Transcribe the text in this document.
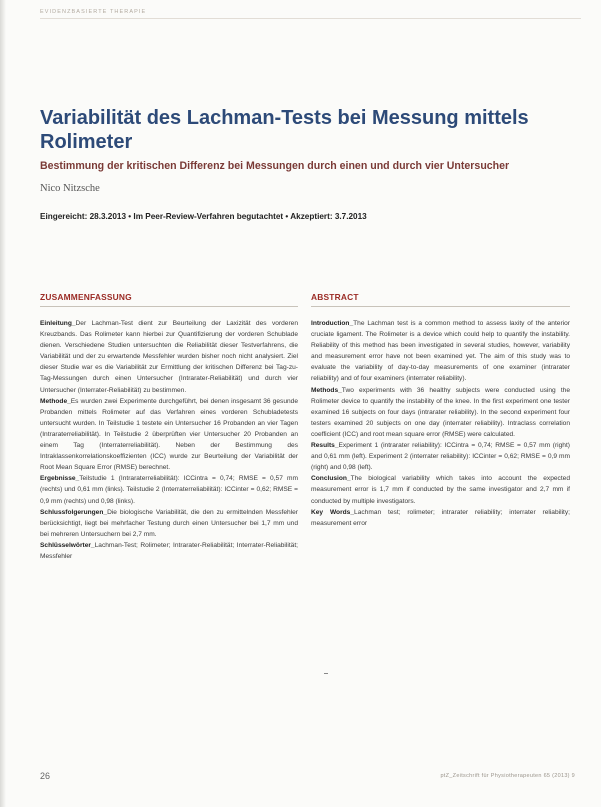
EVIDENZBASIERTE THERAPIE
Variabilität des Lachman-Tests bei Messung mittels Rolimeter
Bestimmung der kritischen Differenz bei Messungen durch einen und durch vier Untersucher
Nico Nitzsche
Eingereicht: 28.3.2013 • Im Peer-Review-Verfahren begutachtet • Akzeptiert: 3.7.2013
ZUSAMMENFASSUNG	ABSTRACT

Einleitung_Der Lachman-Test dient zur Beurteilung der Laxizität des vorderen Kreuzbands. Das Rolimeter kann hierbei zur Quantifizierung der vorderen Schublade dienen. Verschiedene Studien untersuchten die Reliabilität dieser Testverfahrens, die Variabilität und der zu erwartende Messfehler wurden bisher noch nicht analysiert. Ziel dieser Studie war es die Variabilität zur Ermittlung der kritischen Differenz bei Tag-zu-Tag-Messungen durch einen Untersucher (Intrarater-Reliabilität) und durch vier Untersucher (Interrater-Reliabilität) zu bestimmen.

Methode_Es wurden zwei Experimente durchgeführt, bei denen insgesamt 36 gesunde Probanden mittels Rolimeter auf das Verfahren eines vorderen Schubladetests untersucht wurden. In Teilstudie 1 testete ein Untersucher 16 Probanden an vier Tagen (Intraraterreliabilität). In Teilstudie 2 überprüften vier Untersucher 20 Probanden an einem Tag (Interraterreliabilität). Neben der Bestimmung des Intraklassenkorrelationskoeffizienten (ICC) wurde zur Beurteilung der Variabilität der Root Mean Square Error (RMSE) berechnet.

Ergebnisse_Teilstudie 1 (Intraraterreliabilität): ICCintra = 0,74; RMSE = 0,57 mm (rechts) und 0,61 mm (links). Teilstudie 2 (Interraterreliabilität): ICCinter = 0,62; RMSE = 0,9 mm (rechts) und 0,98 (links).

Schlussfolgerungen_Die biologische Variabilität, die den zu ermittelnden Messfehler berücksichtigt, liegt bei mehrfacher Testung durch einen Untersucher bei 1,7 mm und bei mehreren Untersuchern bei 2,7 mm.

Schlüsselwörter_Lachman-Test; Rolimeter; Intrarater-Reliabilität; Interrater-Reliabilität; Messfehler

Introduction_The Lachman test is a common method to assess laxity of the anterior cruciate ligament. The Rolimeter is a device which could help to quantify the instability. Reliability of this method has been investigated in several studies, however, variability and measurement error have not been examined yet. The aim of this study was to evaluate the variability of day-to-day measurements of one examiner (intrarater reliability) and of four examiners (interrater reliability).

Methods_Two experiments with 36 healthy subjects were conducted using the Rolimeter device to quantify the instability of the knee. In the first experiment one tester examined 16 subjects on four days (intrarater reliability). In the second experiment four testers examined 20 subjects on one day (interrater reliability). Intraclass correlation coefficient (ICC) and root mean square error (RMSE) were calculated.

Results_Experiment 1 (intrarater reliability): ICCintra = 0,74; RMSE = 0,57 mm (right) and 0,61 mm (left). Experiment 2 (interrater reliability): ICCinter = 0,62; RMSE = 0,9 mm (right) and 0,98 (left).

Conclusion_The biological variability which takes into account the expected measurement error is 1,7 mm if conducted by the same investigator and 2,7 mm if conducted by multiple investigators.

Key Words_Lachman test; rolimeter; intrarater reliability; interrater reliability; measurement error

26	ptZ_Zeitschrift für Physiotherapeuten 65 (2013) 9
